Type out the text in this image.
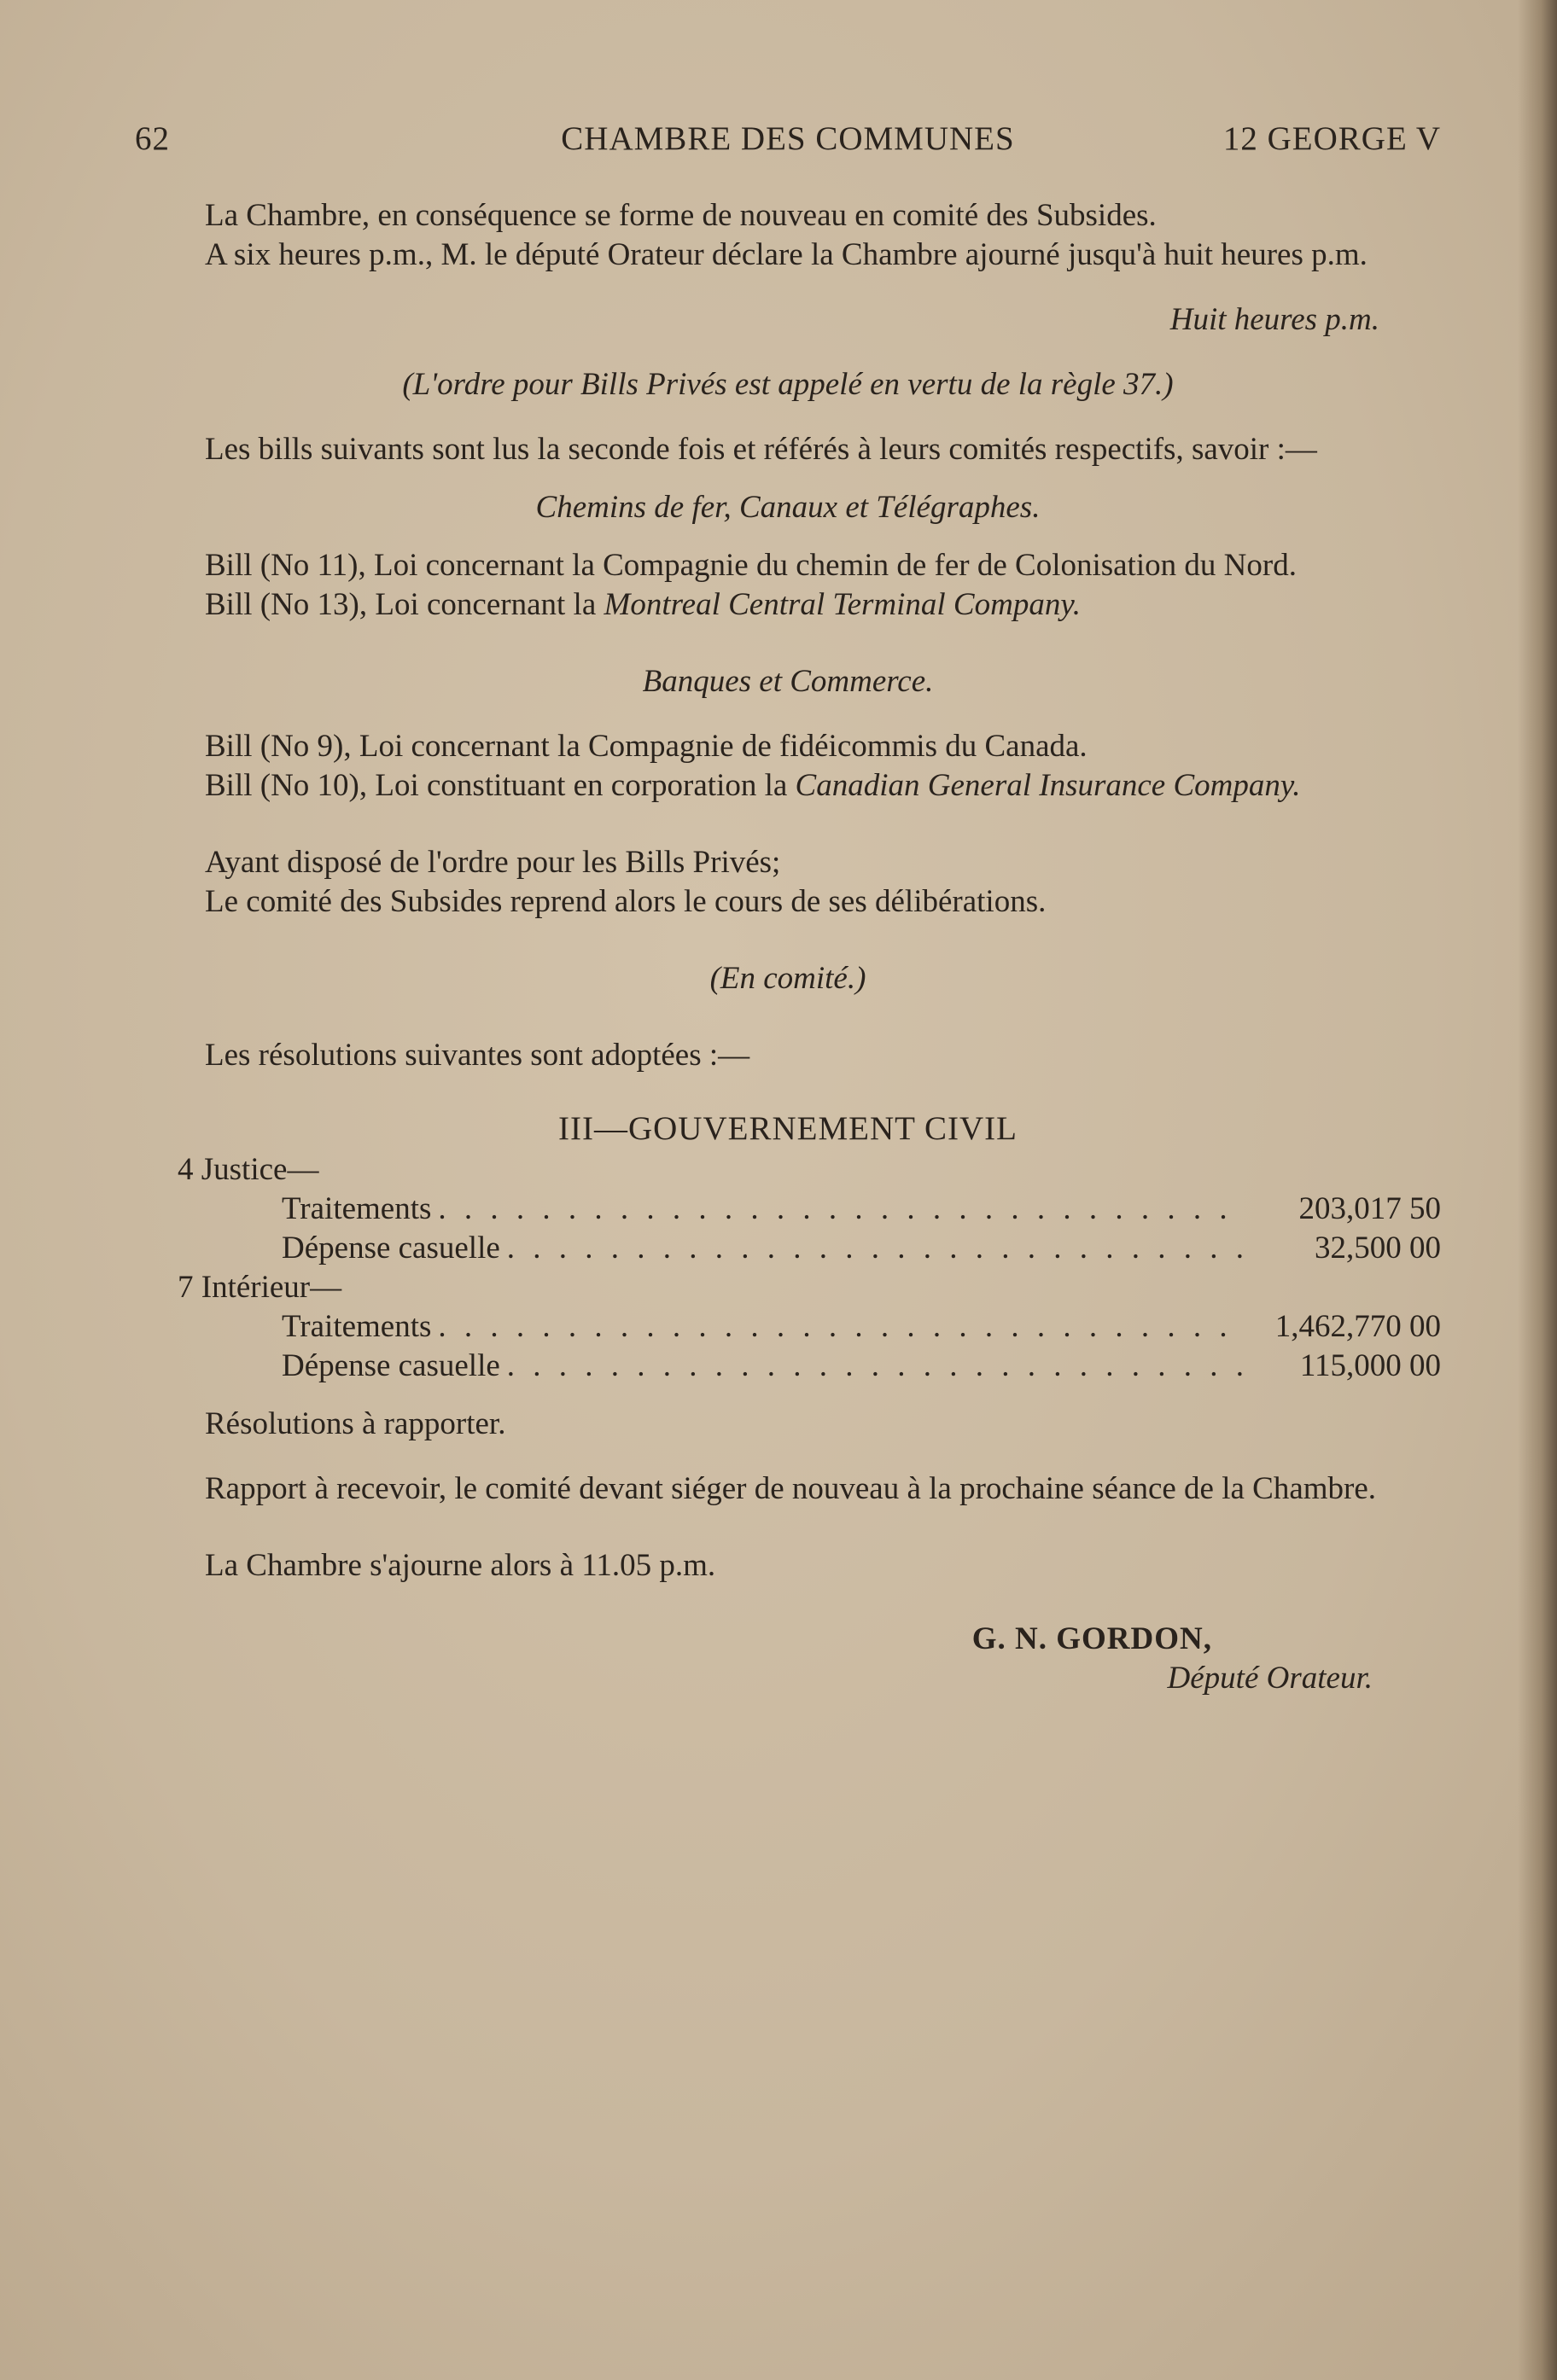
62	CHAMBRE DES COMMUNES	12 GEORGE V

La Chambre, en conséquence se forme de nouveau en comité des Subsides.

A six heures p.m., M. le député Orateur déclare la Chambre ajourné jusqu'à huit heures p.m.

Huit heures p.m.

(L'ordre pour Bills Privés est appelé en vertu de la règle 37.)

Les bills suivants sont lus la seconde fois et référés à leurs comités respectifs, savoir :—

Chemins de fer, Canaux et Télégraphes.

Bill (No 11), Loi concernant la Compagnie du chemin de fer de Colonisation du Nord.

Bill (No 13), Loi concernant la Montreal Central Terminal Company.

Banques et Commerce.

Bill (No 9), Loi concernant la Compagnie de fidéicommis du Canada.

Bill (No 10), Loi constituant en corporation la Canadian General Insurance Company.

Ayant disposé de l'ordre pour les Bills Privés;

Le comité des Subsides reprend alors le cours de ses délibérations.

(En comité.)

Les résolutions suivantes sont adoptées :—

III—GOUVERNEMENT CIVIL
4 Justice—
Traitements . . .	203,017 50
Dépense casuelle . . .	32,500 00
7 Intérieur—
Traitements . . .	1,462,770 00
Dépense casuelle . . .	115,000 00

Résolutions à rapporter.

Rapport à recevoir, le comité devant siéger de nouveau à la prochaine séance de la Chambre.

La Chambre s'ajourne alors à 11.05 p.m.

G. N. GORDON,

Député Orateur.
